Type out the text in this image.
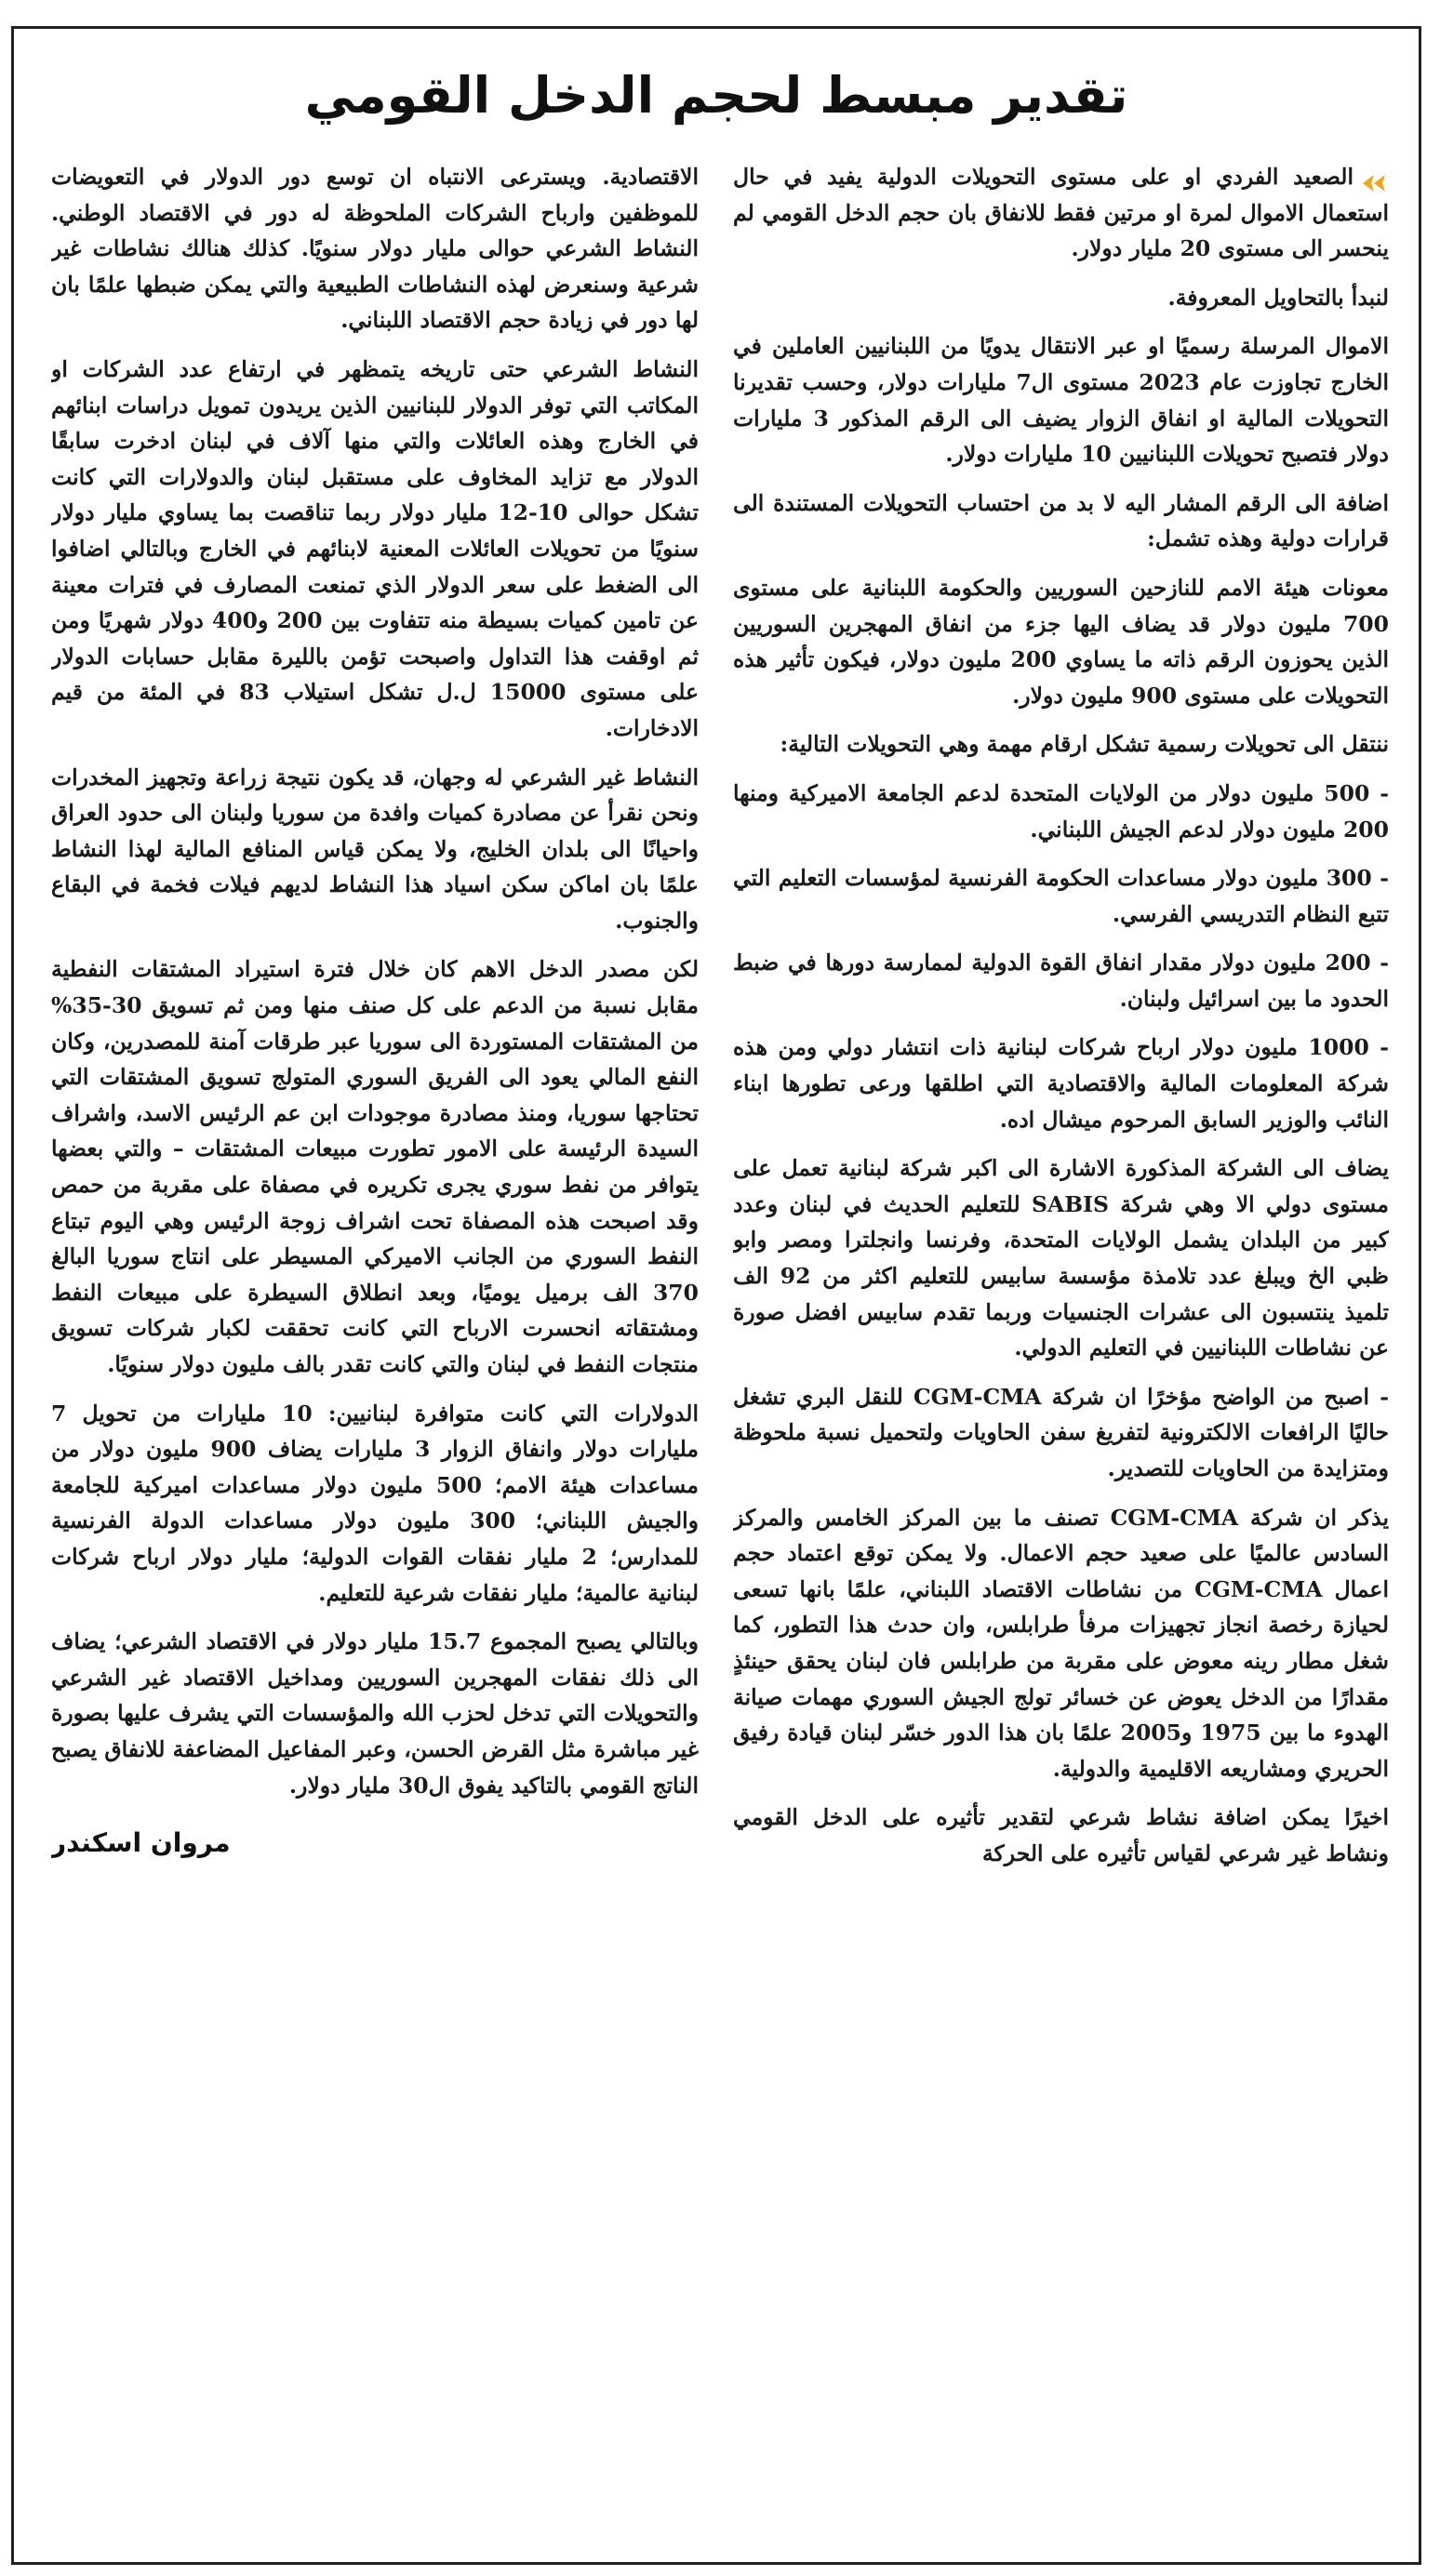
تقدير مبسط لحجم الدخل القومي

الصعيد الفردي او على مستوى التحويلات الدولية يفيد في حال استعمال الاموال لمرة او مرتين فقط للانفاق بان حجم الدخل القومي لم ينحسر الى مستوى 20 مليار دولار.

لنبدأ بالتحاويل المعروفة.

الاموال المرسلة رسميًا او عبر الانتقال يدويًا من اللبنانيين العاملين في الخارج تجاوزت عام 2023 مستوى ال7 مليارات دولار، وحسب تقديرنا التحويلات المالية او انفاق الزوار يضيف الى الرقم المذكور 3 مليارات دولار فتصبح تحويلات اللبنانيين 10 مليارات دولار.

اضافة الى الرقم المشار اليه لا بد من احتساب التحويلات المستندة الى قرارات دولية وهذه تشمل:

معونات هيئة الامم للنازحين السوريين والحكومة اللبنانية على مستوى 700 مليون دولار قد يضاف اليها جزء من انفاق المهجرين السوريين الذين يحوزون الرقم ذاته ما يساوي 200 مليون دولار، فيكون تأثير هذه التحويلات على مستوى 900 مليون دولار.

ننتقل الى تحويلات رسمية تشكل ارقام مهمة وهي التحويلات التالية:

- 500 مليون دولار من الولايات المتحدة لدعم الجامعة الاميركية ومنها 200 مليون دولار لدعم الجيش اللبناني.

- 300 مليون دولار مساعدات الحكومة الفرنسية لمؤسسات التعليم التي تتبع النظام التدريسي الفرسي.

- 200 مليون دولار مقدار انفاق القوة الدولية لممارسة دورها في ضبط الحدود ما بين اسرائيل ولبنان.

- 1000 مليون دولار ارباح شركات لبنانية ذات انتشار دولي ومن هذه شركة المعلومات المالية والاقتصادية التي اطلقها ورعى تطورها ابناء النائب والوزير السابق المرحوم ميشال اده.

يضاف الى الشركة المذكورة الاشارة الى اكبر شركة لبنانية تعمل على مستوى دولي الا وهي شركة SABIS للتعليم الحديث في لبنان وعدد كبير من البلدان يشمل الولايات المتحدة، وفرنسا وانجلترا ومصر وابو ظبي الخ ويبلغ عدد تلامذة مؤسسة سابيس للتعليم اكثر من 92 الف تلميذ ينتسبون الى عشرات الجنسيات وربما تقدم سابيس افضل صورة عن نشاطات اللبنانيين في التعليم الدولي.

- اصبح من الواضح مؤخرًا ان شركة CGM-CMA للنقل البري تشغل حاليًا الرافعات الالكترونية لتفريغ سفن الحاويات ولتحميل نسبة ملحوظة ومتزايدة من الحاويات للتصدير.

يذكر ان شركة CGM-CMA تصنف ما بين المركز الخامس والمركز السادس عالميًا على صعيد حجم الاعمال. ولا يمكن توقع اعتماد حجم اعمال CGM-CMA من نشاطات الاقتصاد اللبناني، علمًا بانها تسعى لحيازة رخصة انجاز تجهيزات مرفأ طرابلس، وان حدث هذا التطور، كما شغل مطار رينه معوض على مقربة من طرابلس فان لبنان يحقق حينئذٍ مقدارًا من الدخل يعوض عن خسائر تولج الجيش السوري مهمات صيانة الهدوء ما بين 1975 و2005 علمًا بان هذا الدور خسّر لبنان قيادة رفيق الحريري ومشاريعه الاقليمية والدولية.

اخيرًا يمكن اضافة نشاط شرعي لتقدير تأثيره على الدخل القومي ونشاط غير شرعي لقياس تأثيره على الحركة

الاقتصادية. ويسترعى الانتباه ان توسع دور الدولار في التعويضات للموظفين وارباح الشركات الملحوظة له دور في الاقتصاد الوطني. النشاط الشرعي حوالى مليار دولار سنويًا. كذلك هنالك نشاطات غير شرعية وسنعرض لهذه النشاطات الطبيعية والتي يمكن ضبطها علمًا بان لها دور في زيادة حجم الاقتصاد اللبناني.

النشاط الشرعي حتى تاريخه يتمظهر في ارتفاع عدد الشركات او المكاتب التي توفر الدولار للبنانيين الذين يريدون تمويل دراسات ابنائهم في الخارج وهذه العائلات والتي منها آلاف في لبنان ادخرت سابقًا الدولار مع تزايد المخاوف على مستقبل لبنان والدولارات التي كانت تشكل حوالى 10-12 مليار دولار ربما تناقصت بما يساوي مليار دولار سنويًا من تحويلات العائلات المعنية لابنائهم في الخارج وبالتالي اضافوا الى الضغط على سعر الدولار الذي تمنعت المصارف في فترات معينة عن تامين كميات بسيطة منه تتفاوت بين 200 و400 دولار شهريًا ومن ثم اوقفت هذا التداول واصبحت تؤمن بالليرة مقابل حسابات الدولار على مستوى 15000 ل.ل تشكل استيلاب 83 في المئة من قيم الادخارات.

النشاط غير الشرعي له وجهان، قد يكون نتيجة زراعة وتجهيز المخدرات ونحن نقرأ عن مصادرة كميات وافدة من سوريا ولبنان الى حدود العراق واحيانًا الى بلدان الخليج، ولا يمكن قياس المنافع المالية لهذا النشاط علمًا بان اماكن سكن اسياد هذا النشاط لديهم فيلات فخمة في البقاع والجنوب.

لكن مصدر الدخل الاهم كان خلال فترة استيراد المشتقات النفطية مقابل نسبة من الدعم على كل صنف منها ومن ثم تسويق 30-35% من المشتقات المستوردة الى سوريا عبر طرقات آمنة للمصدرين، وكان النفع المالي يعود الى الفريق السوري المتولج تسويق المشتقات التي تحتاجها سوريا، ومنذ مصادرة موجودات ابن عم الرئيس الاسد، واشراف السيدة الرئيسة على الامور تطورت مبيعات المشتقات – والتي بعضها يتوافر من نفط سوري يجرى تكريره في مصفاة على مقربة من حمص وقد اصبحت هذه المصفاة تحت اشراف زوجة الرئيس وهي اليوم تبتاع النفط السوري من الجانب الاميركي المسيطر على انتاج سوريا البالغ 370 الف برميل يوميًا، وبعد انطلاق السيطرة على مبيعات النفط ومشتقاته انحسرت الارباح التي كانت تحققت لكبار شركات تسويق منتجات النفط في لبنان والتي كانت تقدر بالف مليون دولار سنويًا.

الدولارات التي كانت متوافرة لبنانيين: 10 مليارات من تحويل 7 مليارات دولار وانفاق الزوار 3 مليارات يضاف 900 مليون دولار من مساعدات هيئة الامم؛ 500 مليون دولار مساعدات اميركية للجامعة والجيش اللبناني؛ 300 مليون دولار مساعدات الدولة الفرنسية للمدارس؛ 2 مليار نفقات القوات الدولية؛ مليار دولار ارباح شركات لبنانية عالمية؛ مليار نفقات شرعية للتعليم.

وبالتالي يصبح المجموع 15.7 مليار دولار في الاقتصاد الشرعي؛ يضاف الى ذلك نفقات المهجرين السوريين ومداخيل الاقتصاد غير الشرعي والتحويلات التي تدخل لحزب الله والمؤسسات التي يشرف عليها بصورة غير مباشرة مثل القرض الحسن، وعبر المفاعيل المضاعفة للانفاق يصبح الناتج القومي بالتاكيد يفوق ال30 مليار دولار.

مروان اسكندر
